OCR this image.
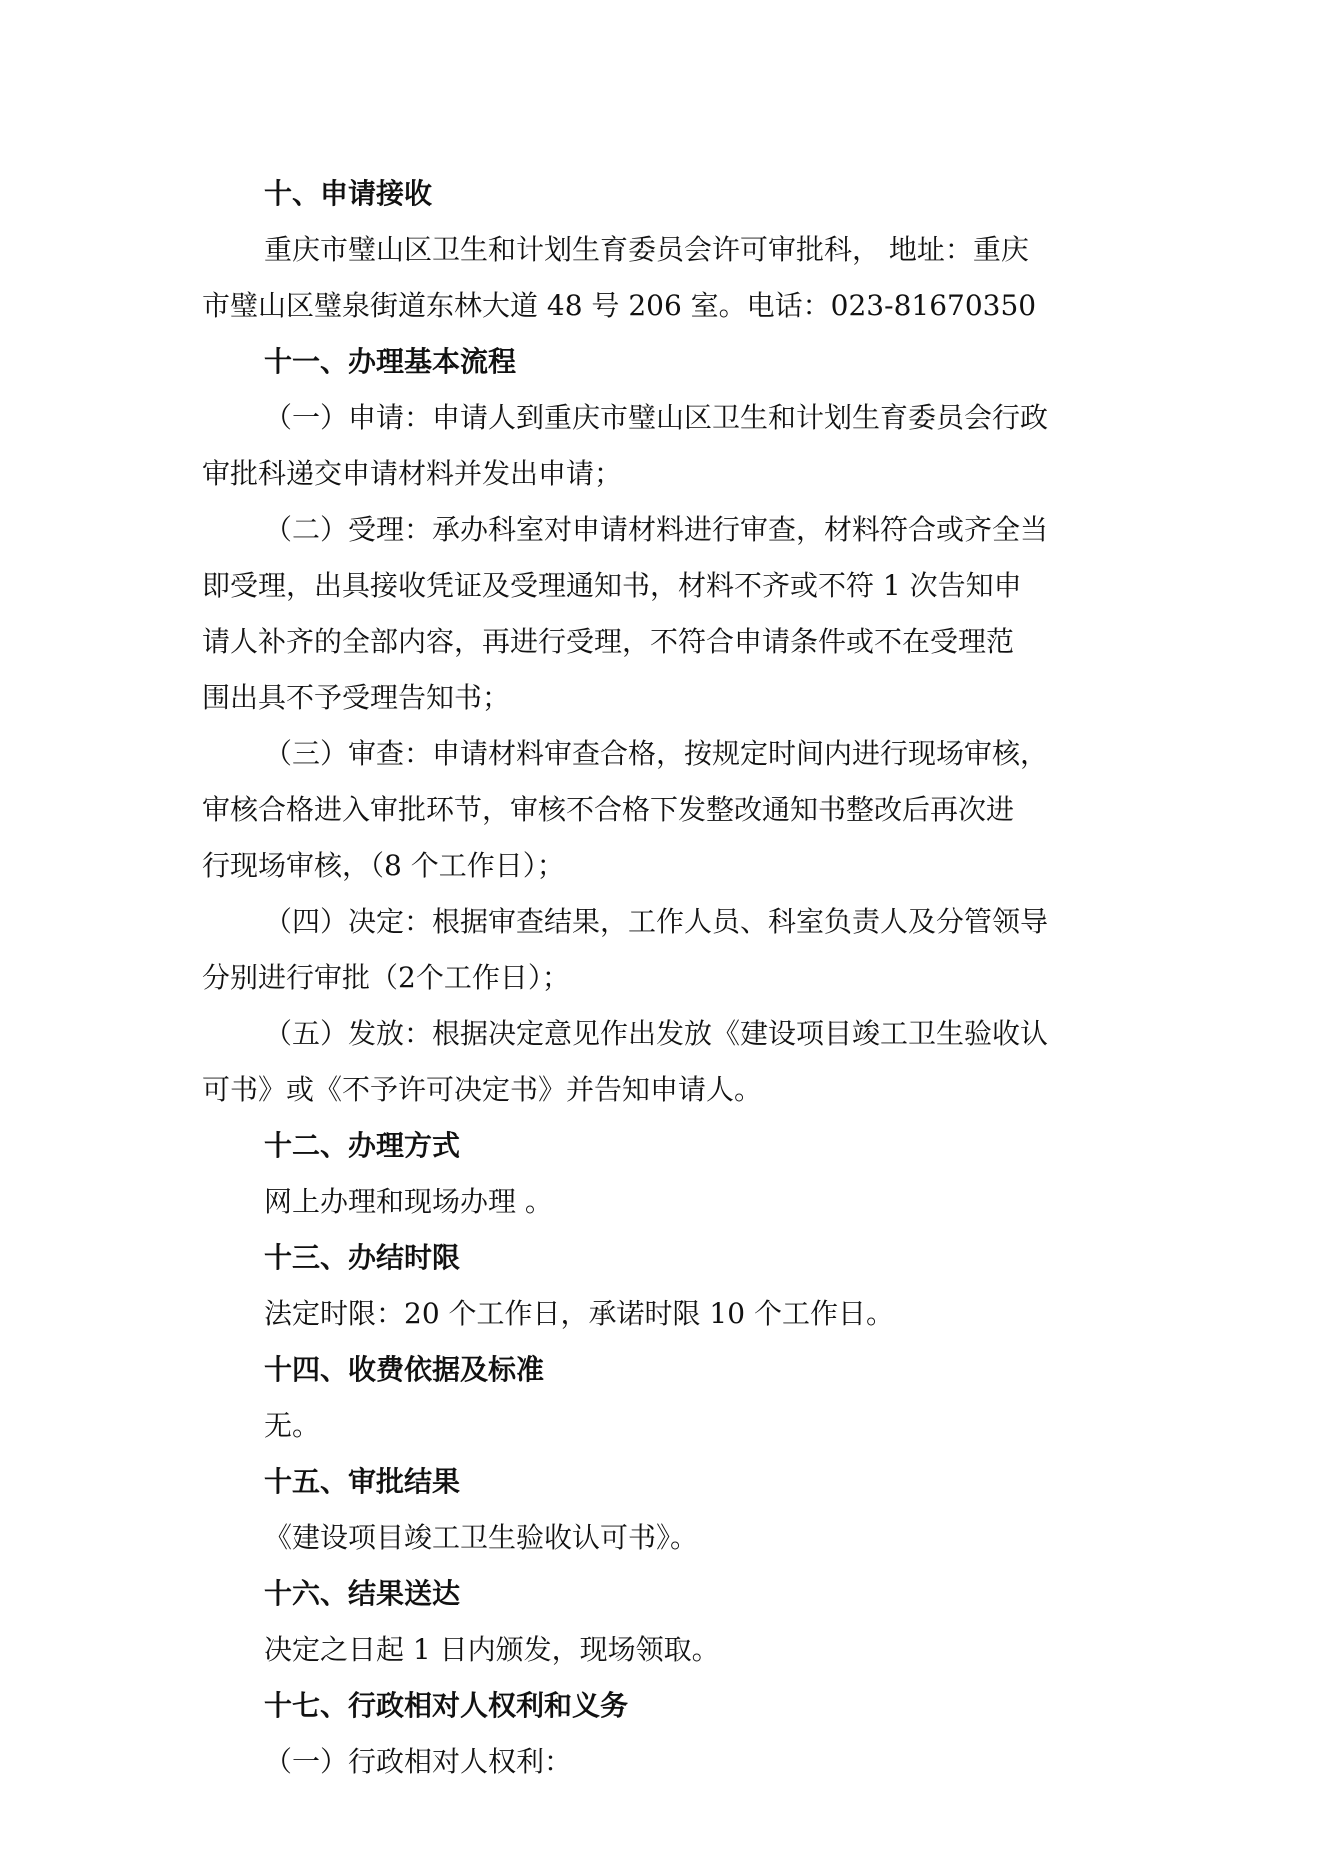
十、申请接收
重庆市璧山区卫生和计划生育委员会许可审批科， 地址：重庆
市璧山区璧泉街道东林大道 48 号 206 室。电话：023-81670350
十一、办理基本流程
（一）申请：申请人到重庆市璧山区卫生和计划生育委员会行政
审批科递交申请材料并发出申请；
（二）受理：承办科室对申请材料进行审查，材料符合或齐全当
即受理，出具接收凭证及受理通知书，材料不齐或不符 1 次告知申
请人补齐的全部内容，再进行受理，不符合申请条件或不在受理范
围出具不予受理告知书；
（三）审查：申请材料审查合格，按规定时间内进行现场审核，
审核合格进入审批环节，审核不合格下发整改通知书整改后再次进
行现场审核，（8 个工作日）；
（四）决定：根据审查结果，工作人员、科室负责人及分管领导
分别进行审批（2个工作日）；
（五）发放：根据决定意见作出发放《建设项目竣工卫生验收认
可书》或《不予许可决定书》并告知申请人。
十二、办理方式
网上办理和现场办理 。
十三、办结时限
法定时限：20 个工作日，承诺时限 10 个工作日。
十四、收费依据及标准
无。
十五、审批结果
《建设项目竣工卫生验收认可书》。
十六、结果送达
决定之日起 1 日内颁发，现场领取。
十七、行政相对人权利和义务
（一）行政相对人权利：
